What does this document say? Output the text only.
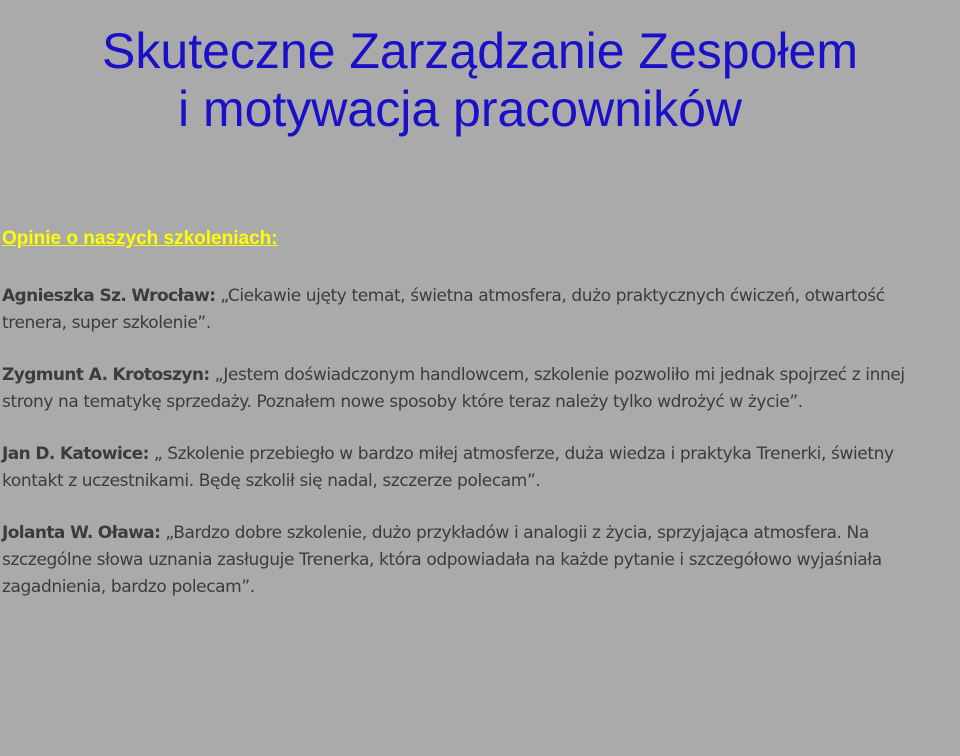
Skuteczne Zarządzanie Zespołem
i motywacja pracowników
Opinie o naszych szkoleniach:

Agnieszka Sz. Wrocław: „Ciekawie ujęty temat, świetna atmosfera, dużo praktycznych ćwiczeń, otwartość trenera, super szkolenie”.

Zygmunt A. Krotoszyn: „Jestem doświadczonym handlowcem, szkolenie pozwoliło mi jednak spojrzeć z innej strony na tematykę sprzedaży. Poznałem nowe sposoby które teraz należy tylko wdrożyć w życie”.

Jan D. Katowice: „ Szkolenie przebiegło w bardzo miłej atmosferze, duża wiedza i praktyka Trenerki, świetny kontakt z uczestnikami. Będę szkolił się nadal, szczerze polecam”.

Jolanta W. Oława: „Bardzo dobre szkolenie, dużo przykładów i analogii z życia, sprzyjająca atmosfera. Na szczególne słowa uznania zasługuje Trenerka, która odpowiadała na każde pytanie i szczegółowo wyjaśniała zagadnienia, bardzo polecam”.
